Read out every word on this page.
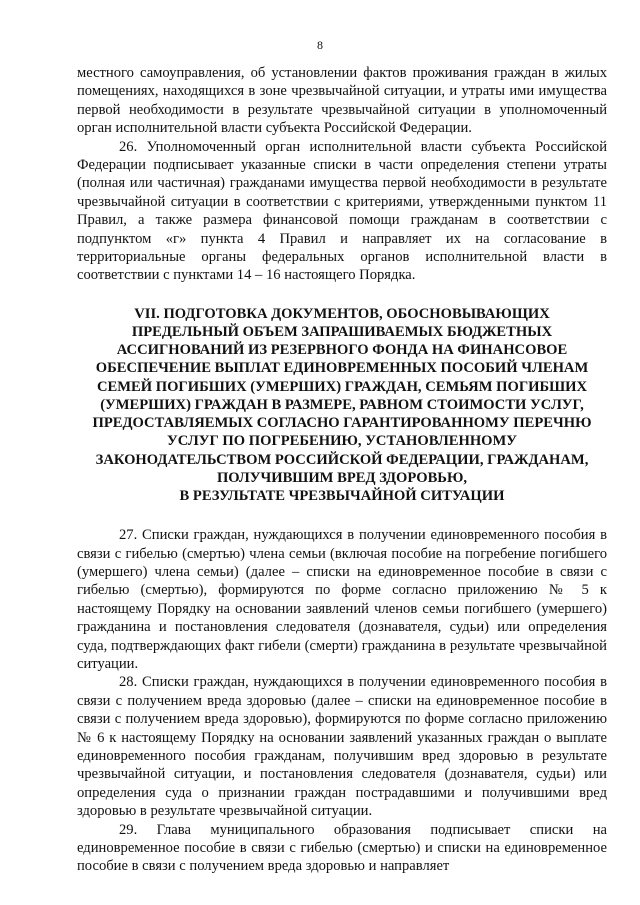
8

местного самоуправления, об установлении фактов проживания граждан в жилых помещениях, находящихся в зоне чрезвычайной ситуации, и утраты ими имущества первой необходимости в результате чрезвычайной ситуации в уполномоченный орган исполнительной власти субъекта Российской Федерации.

26. Уполномоченный орган исполнительной власти субъекта Российской Федерации подписывает указанные списки в части определения степени утраты (полная или частичная) гражданами имущества первой необходимости в результате чрезвычайной ситуации в соответствии с критериями, утвержденными пунктом 11 Правил, а также размера финансовой помощи гражданам в соответствии с подпунктом «г» пункта 4 Правил и направляет их на согласование в территориальные органы федеральных органов исполнительной власти в соответствии с пунктами 14 – 16 настоящего Порядка.

VII. ПОДГОТОВКА ДОКУМЕНТОВ, ОБОСНОВЫВАЮЩИХ
ПРЕДЕЛЬНЫЙ ОБЪЕМ ЗАПРАШИВАЕМЫХ БЮДЖЕТНЫХ
АССИГНОВАНИЙ ИЗ РЕЗЕРВНОГО ФОНДА НА ФИНАНСОВОЕ
ОБЕСПЕЧЕНИЕ ВЫПЛАТ ЕДИНОВРЕМЕННЫХ ПОСОБИЙ ЧЛЕНАМ
СЕМЕЙ ПОГИБШИХ (УМЕРШИХ) ГРАЖДАН, СЕМЬЯМ ПОГИБШИХ
(УМЕРШИХ) ГРАЖДАН В РАЗМЕРЕ, РАВНОМ СТОИМОСТИ УСЛУГ,
ПРЕДОСТАВЛЯЕМЫХ СОГЛАСНО ГАРАНТИРОВАННОМУ ПЕРЕЧНЮ
УСЛУГ ПО ПОГРЕБЕНИЮ, УСТАНОВЛЕННОМУ
ЗАКОНОДАТЕЛЬСТВОМ РОССИЙСКОЙ ФЕДЕРАЦИИ, ГРАЖДАНАМ,
ПОЛУЧИВШИМ ВРЕД ЗДОРОВЬЮ,
В РЕЗУЛЬТАТЕ ЧРЕЗВЫЧАЙНОЙ СИТУАЦИИ

27. Списки граждан, нуждающихся в получении единовременного пособия в связи с гибелью (смертью) члена семьи (включая пособие на погребение погибшего (умершего) члена семьи) (далее – списки на единовременное пособие в связи с гибелью (смертью), формируются по форме согласно приложению № 5 к настоящему Порядку на основании заявлений членов семьи погибшего (умершего) гражданина и постановления следователя (дознавателя, судьи) или определения суда, подтверждающих факт гибели (смерти) гражданина в результате чрезвычайной ситуации.

28. Списки граждан, нуждающихся в получении единовременного пособия в связи с получением вреда здоровью (далее – списки на единовременное пособие в связи с получением вреда здоровью), формируются по форме согласно приложению № 6 к настоящему Порядку на основании заявлений указанных граждан о выплате единовременного пособия гражданам, получившим вред здоровью в результате чрезвычайной ситуации, и постановления следователя (дознавателя, судьи) или определения суда о признании граждан пострадавшими и получившими вред здоровью в результате чрезвычайной ситуации.

29. Глава муниципального образования подписывает списки на единовременное пособие в связи с гибелью (смертью) и списки на единовременное пособие в связи с получением вреда здоровью и направляет
